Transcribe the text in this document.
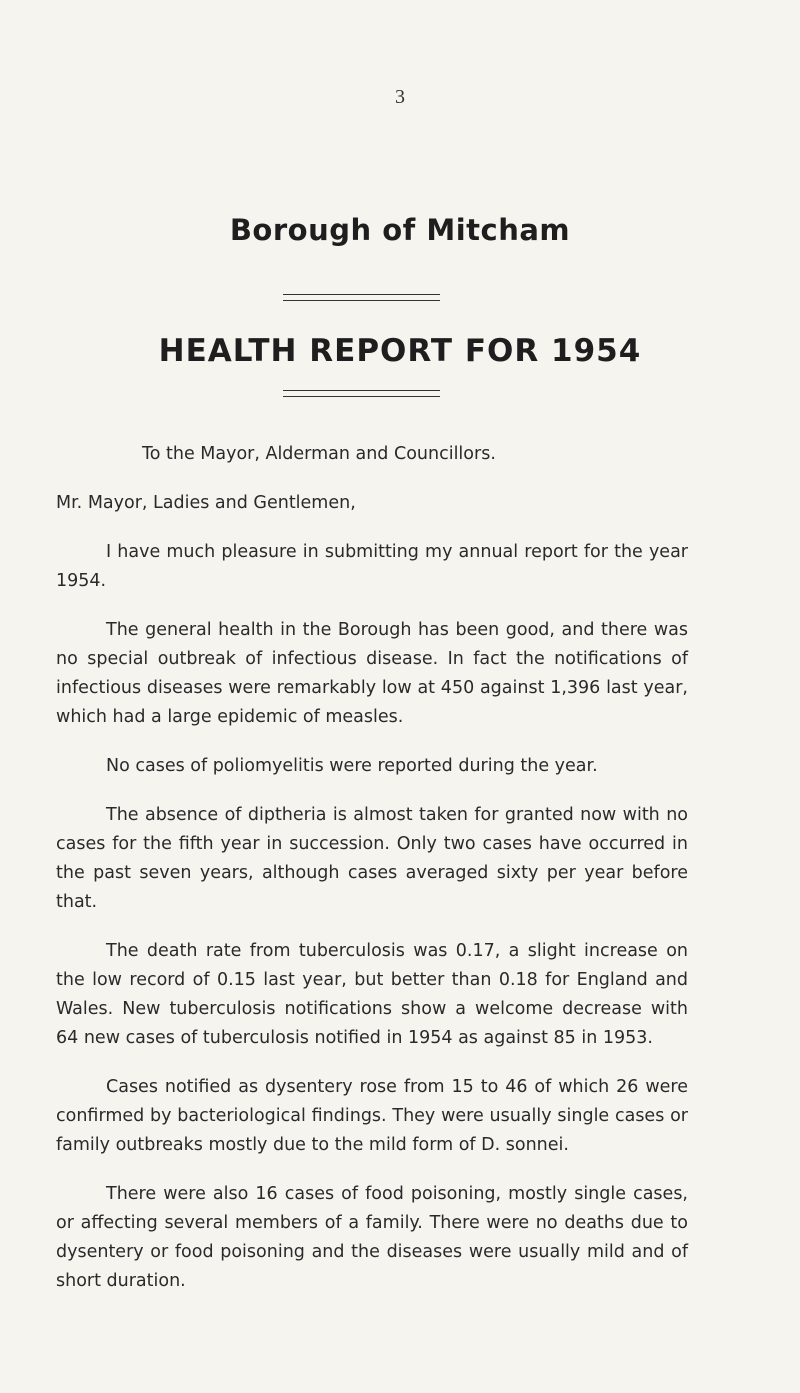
3
Borough of Mitcham
HEALTH REPORT FOR 1954

To the Mayor, Alderman and Councillors.

Mr. Mayor, Ladies and Gentlemen,

I have much pleasure in submitting my annual report for the year 1954.

The general health in the Borough has been good, and there was no special outbreak of infectious disease. In fact the notifications of infectious diseases were remarkably low at 450 against 1,396 last year, which had a large epidemic of measles.

No cases of poliomyelitis were reported during the year.

The absence of diptheria is almost taken for granted now with no cases for the fifth year in succession. Only two cases have occurred in the past seven years, although cases averaged sixty per year before that.

The death rate from tuberculosis was 0.17, a slight increase on the low record of 0.15 last year, but better than 0.18 for England and Wales. New tuberculosis notifications show a welcome decrease with 64 new cases of tuberculosis notified in 1954 as against 85 in 1953.

Cases notified as dysentery rose from 15 to 46 of which 26 were confirmed by bacteriological findings. They were usually single cases or family outbreaks mostly due to the mild form of D. sonnei.

There were also 16 cases of food poisoning, mostly single cases, or affecting several members of a family. There were no deaths due to dysentery or food poisoning and the diseases were usually mild and of short duration.
